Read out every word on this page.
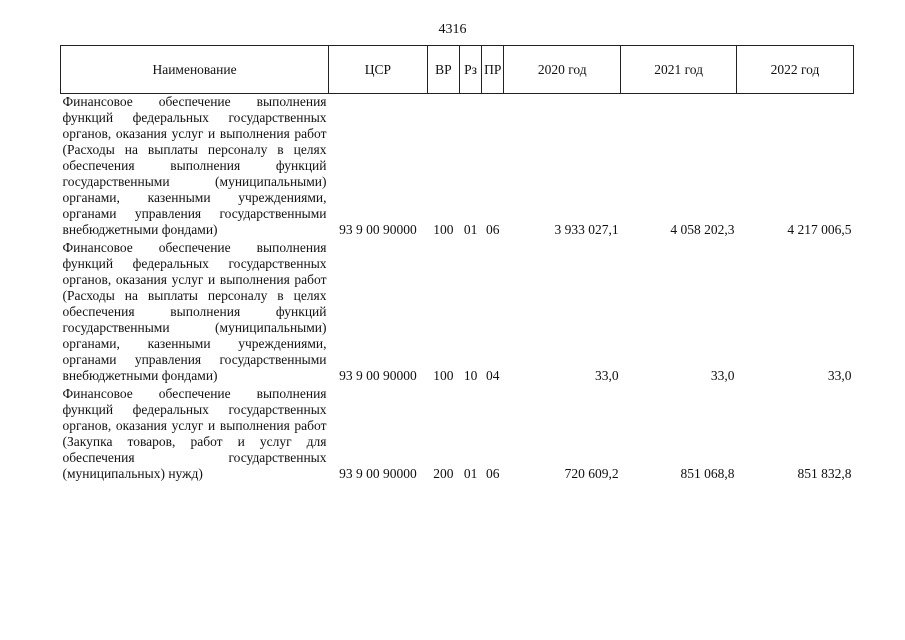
4316
Наименование	ЦСР	ВР	Рз	ПР	2020 год	2021 год	2022 год
Финансовое обеспечение выполнения функций федеральных государственных органов, оказания услуг и выполнения работ (Расходы на выплаты персоналу в целях обеспечения выполнения функций государственными (муниципальными) органами, казенными учреждениями, органами управления государственными внебюджетными фондами)	93 9 00 90000	100	01	06	3 933 027,1	4 058 202,3	4 217 006,5
Финансовое обеспечение выполнения функций федеральных государственных органов, оказания услуг и выполнения работ (Расходы на выплаты персоналу в целях обеспечения выполнения функций государственными (муниципальными) органами, казенными учреждениями, органами управления государственными внебюджетными фондами)	93 9 00 90000	100	10	04	33,0	33,0	33,0
Финансовое обеспечение выполнения функций федеральных государственных органов, оказания услуг и выполнения работ (Закупка товаров, работ и услуг для обеспечения государственных (муниципальных) нужд)	93 9 00 90000	200	01	06	720 609,2	851 068,8	851 832,8
